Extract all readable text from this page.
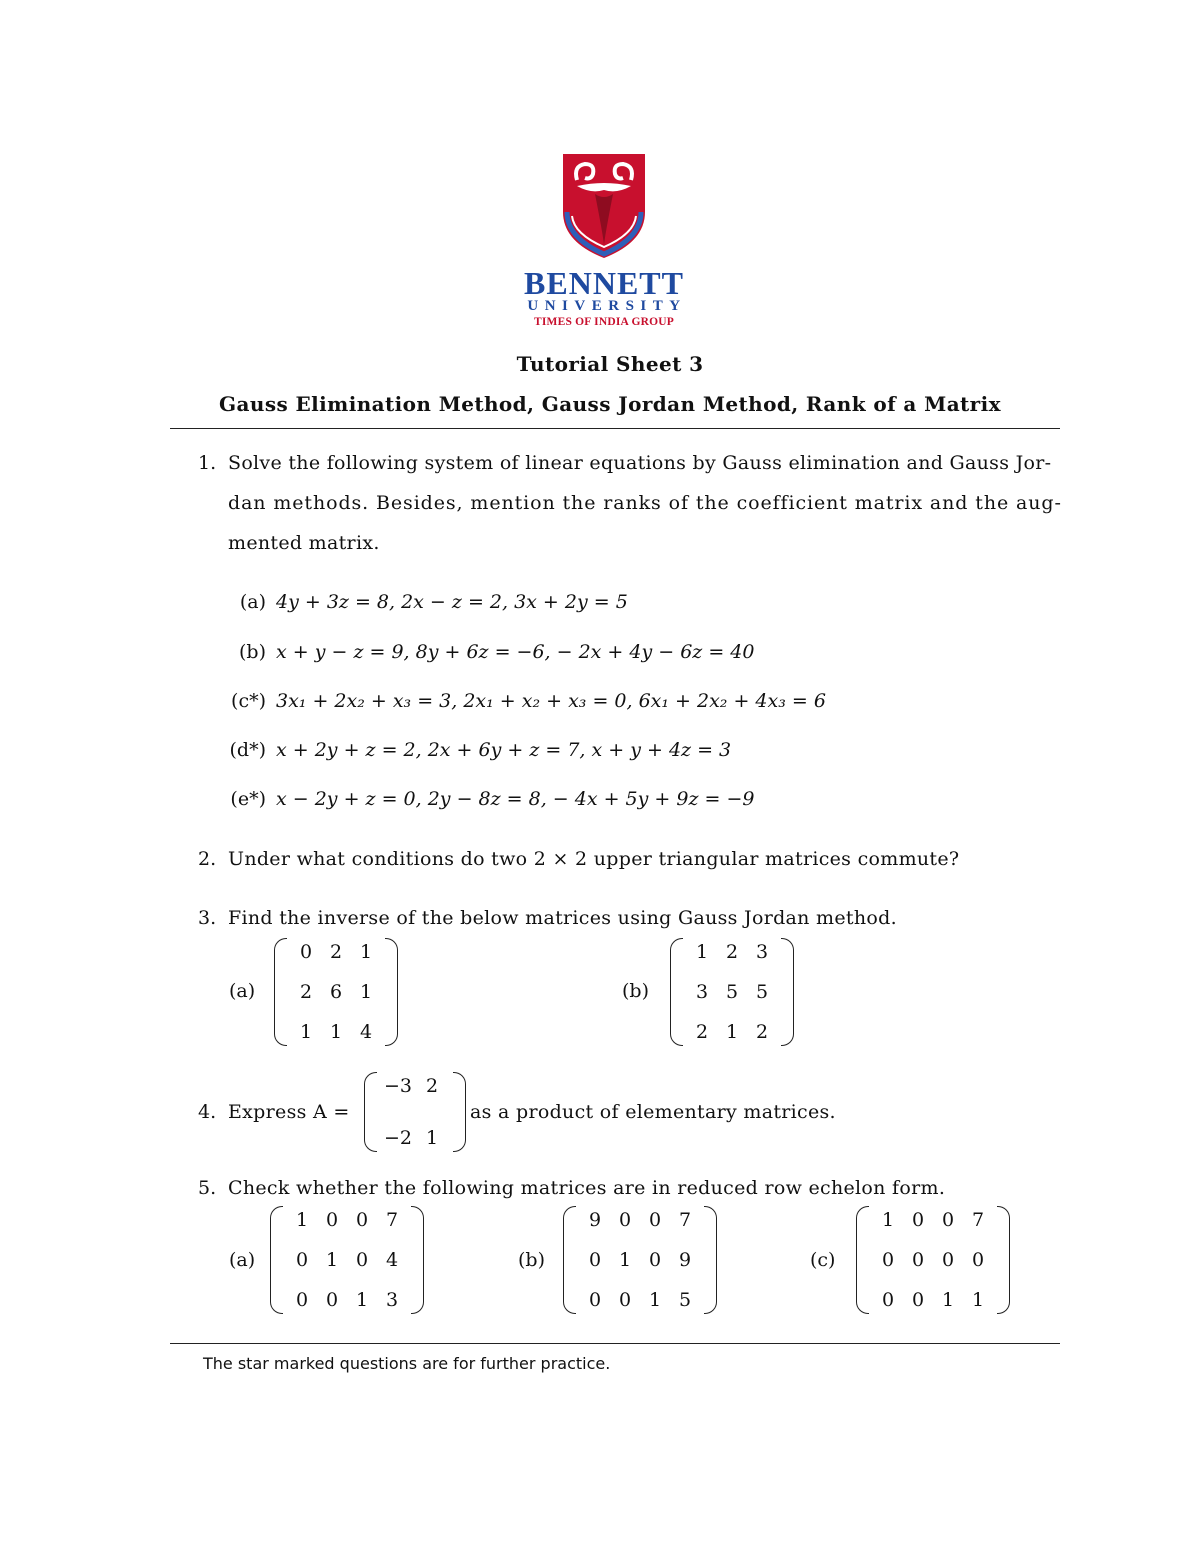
BENNETT
UNIVERSITY
TIMES OF INDIA GROUP
Tutorial Sheet 3
Gauss Elimination Method, Gauss Jordan Method, Rank of a Matrix
1. Solve the following system of linear equations by Gauss elimination and Gauss Jor-
dan methods. Besides, mention the ranks of the coefficient matrix and the aug-
mented matrix.
(a) 4y + 3z = 8, 2x − z = 2, 3x + 2y = 5
(b) x + y − z = 9, 8y + 6z = −6, − 2x + 4y − 6z = 40
(c*) 3x₁ + 2x₂ + x₃ = 3, 2x₁ + x₂ + x₃ = 0, 6x₁ + 2x₂ + 4x₃ = 6
(d*) x + 2y + z = 2, 2x + 6y + z = 7, x + y + 4z = 3
(e*) x − 2y + z = 0, 2y − 8z = 8, − 4x + 5y + 9z = −9
2. Under what conditions do two 2 × 2 upper triangular matrices commute?
3. Find the inverse of the below matrices using Gauss Jordan method.
(a)
0 2 1
2 6 1
1 1 4
(b)
1 2 3
3 5 5
2 1 2
4. Express A =
−3 2
−2 1
as a product of elementary matrices.
5. Check whether the following matrices are in reduced row echelon form.
(a)
1 0 0 7
0 1 0 4
0 0 1 3
(b)
9 0 0 7
0 1 0 9
0 0 1 5
(c)
1 0 0 7
0 0 0 0
0 0 1 1
The star marked questions are for further practice.
